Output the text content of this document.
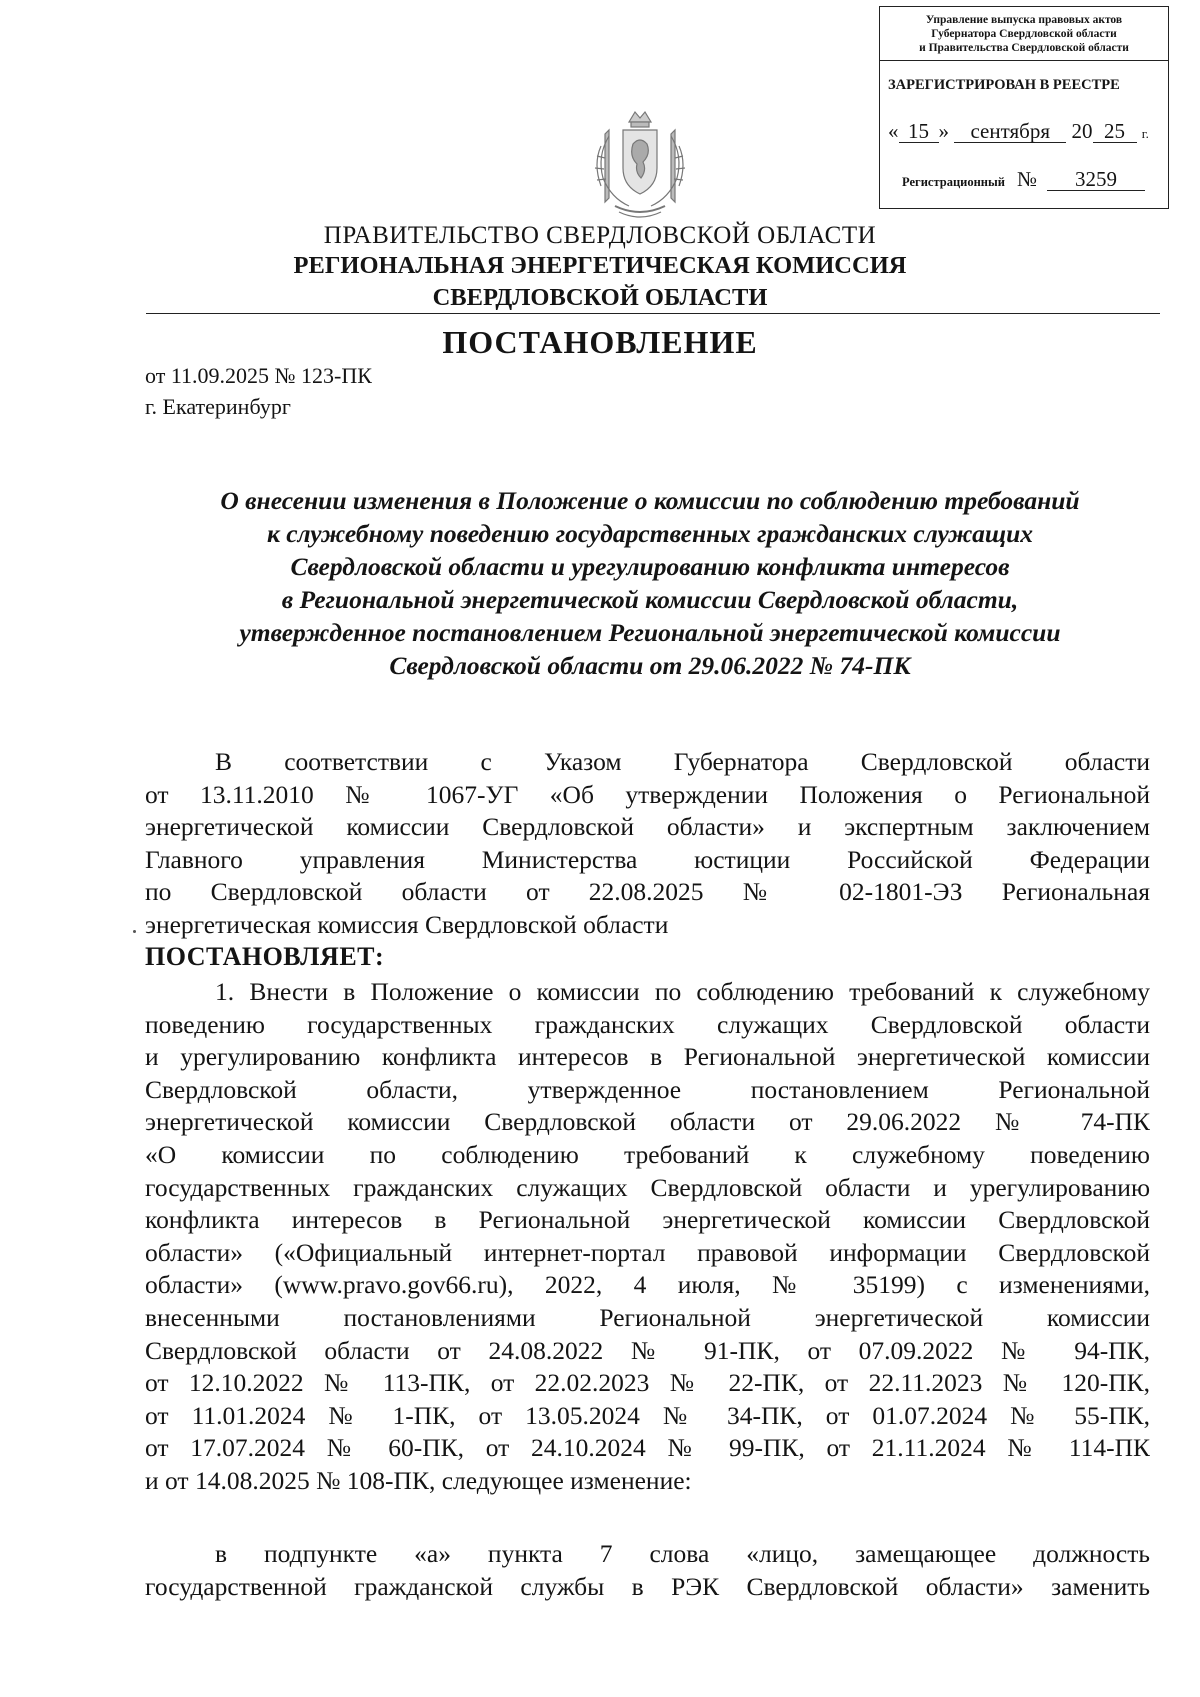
Управление выпуска правовых актов
Губернатора Свердловской области
и Правительства Свердловской области
ЗАРЕГИСТРИРОВАН В РЕЕСТРЕ
« 15 » сентября 20 25 г.
Регистрационный № 3259
ПРАВИТЕЛЬСТВО СВЕРДЛОВСКОЙ ОБЛАСТИ
РЕГИОНАЛЬНАЯ ЭНЕРГЕТИЧЕСКАЯ КОМИССИЯ
СВЕРДЛОВСКОЙ ОБЛАСТИ
ПОСТАНОВЛЕНИЕ
от 11.09.2025 № 123-ПК
г. Екатеринбург
О внесении изменения в Положение о комиссии по соблюдению требований
к служебному поведению государственных гражданских служащих
Свердловской области и урегулированию конфликта интересов
в Региональной энергетической комиссии Свердловской области,
утвержденное постановлением Региональной энергетической комиссии
Свердловской области от 29.06.2022 № 74-ПК
В соответствии с Указом Губернатора Свердловской области
от 13.11.2010 № 1067-УГ «Об утверждении Положения о Региональной
энергетической комиссии Свердловской области» и экспертным заключением
Главного управления Министерства юстиции Российской Федерации
по Свердловской области от 22.08.2025 № 02-1801-ЭЗ Региональная
энергетическая комиссия Свердловской области
ПОСТАНОВЛЯЕТ:
1. Внести в Положение о комиссии по соблюдению требований к служебному
поведению государственных гражданских служащих Свердловской области
и урегулированию конфликта интересов в Региональной энергетической комиссии
Свердловской области, утвержденное постановлением Региональной
энергетической комиссии Свердловской области от 29.06.2022 № 74-ПК
«О комиссии по соблюдению требований к служебному поведению
государственных гражданских служащих Свердловской области и урегулированию
конфликта интересов в Региональной энергетической комиссии Свердловской
области» («Официальный интернет-портал правовой информации Свердловской
области» (www.pravo.gov66.ru), 2022, 4 июля, № 35199) с изменениями,
внесенными постановлениями Региональной энергетической комиссии
Свердловской области от 24.08.2022 № 91-ПК, от 07.09.2022 № 94-ПК,
от 12.10.2022 № 113-ПК, от 22.02.2023 № 22-ПК, от 22.11.2023 № 120-ПК,
от 11.01.2024 № 1-ПК, от 13.05.2024 № 34-ПК, от 01.07.2024 № 55-ПК,
от 17.07.2024 № 60-ПК, от 24.10.2024 № 99-ПК, от 21.11.2024 № 114-ПК
и от 14.08.2025 № 108-ПК, следующее изменение:
в подпункте «а» пункта 7 слова «лицо, замещающее должность
государственной гражданской службы в РЭК Свердловской области» заменить
